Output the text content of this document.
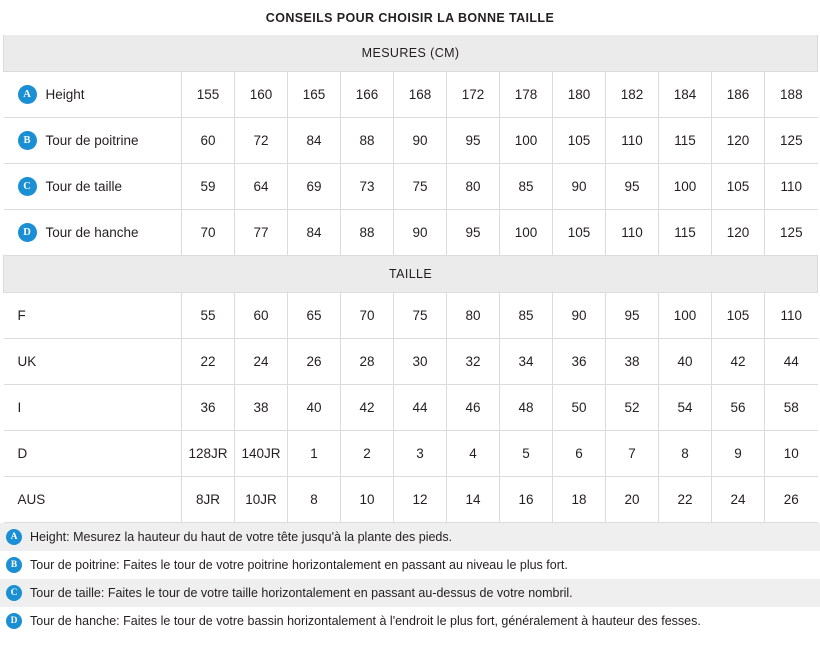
CONSEILS POUR CHOISIR LA BONNE TAILLE
MESURES (CM)												
A Height	155	160	165	166	168	172	178	180	182	184	186	188
B Tour de poitrine	60	72	84	88	90	95	100	105	110	115	120	125
C Tour de taille	59	64	69	73	75	80	85	90	95	100	105	110
D Tour de hanche	70	77	84	88	90	95	100	105	110	115	120	125
TAILLE												
F	55	60	65	70	75	80	85	90	95	100	105	110
UK	22	24	26	28	30	32	34	36	38	40	42	44
I	36	38	40	42	44	46	48	50	52	54	56	58
D	128JR	140JR	1	2	3	4	5	6	7	8	9	10
AUS	8JR	10JR	8	10	12	14	16	18	20	22	24	26
A	Height: Mesurez la hauteur du haut de votre tête jusqu'à la plante des pieds.
B	Tour de poitrine: Faites le tour de votre poitrine horizontalement en passant au niveau le plus fort.
C	Tour de taille: Faites le tour de votre taille horizontalement en passant au-dessus de votre nombril.
D	Tour de hanche: Faites le tour de votre bassin horizontalement à l'endroit le plus fort, généralement à hauteur des fesses.
